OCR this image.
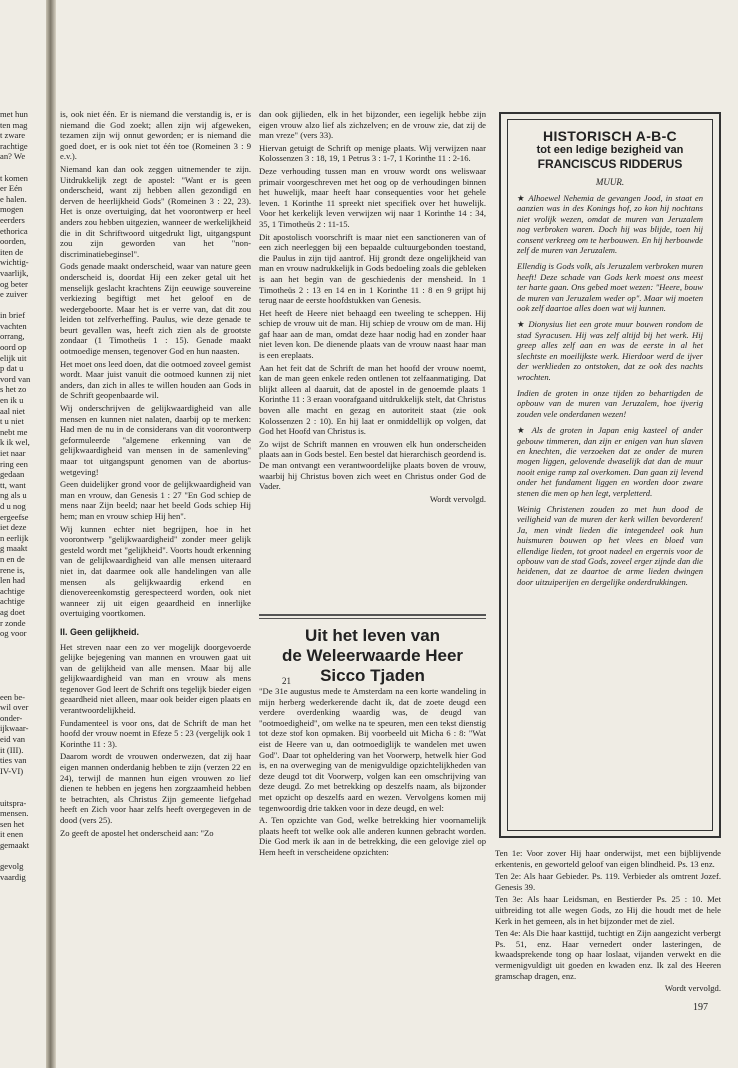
met hun
ten mag
t zware
rachtige
an? We
t komen
er Eén
e halen.
mogen
eerders
ethorica
oorden,
iten de
wichtig-
vaarlijk,
og beter
e zuiver
in brief
vachten
orrang,
oord op
elijk uit
p dat u
vord van
s het zo
en ik u
aal niet
t u niet
nebt me
k ik wel,
iet naar
ring een
gedaan
tt, want
ng als u
d u nog
ergeefse
iet deze
n eerlijk
g maakt
n en de
rene is,
len had
achtige
achtige
ag doet
r zonde
og voor
een be-
wil over
onder-
ijkwaar-
eid van
it (III).
ties van
IV-VI)
uitspra-
mensen.
sen het
it enen
gemaakt
gevolg
vaardig

is, ook niet één. Er is niemand die verstandig is, er is niemand die God zoekt; allen zijn wij afgeweken, tezamen zijn wij onnut geworden; er is niemand die goed doet, er is ook niet tot één toe (Romeinen 3 : 9 e.v.).

Niemand kan dan ook zeggen uitnemender te zijn. Uitdrukkelijk zegt de apostel: "Want er is geen onderscheid, want zij hebben allen gezondigd en derven de heerlijkheid Gods" (Romeinen 3 : 22, 23). Het is onze overtuiging, dat het voorontwerp er heel anders zou hebben uitgezien, wanneer de werkelijkheid die in dit Schriftwoord uitgedrukt ligt, uitgangspunt zou zijn geworden van het "non-discriminatiebeginsel".

Gods genade maakt onderscheid, waar van nature geen onderscheid is, doordat Hij een zeker getal uit het menselijk geslacht krachtens Zijn eeuwige souvereine verkiezing begiftigt met het geloof en de wedergeboorte. Maar het is er verre van, dat dit zou leiden tot zelfverheffing. Paulus, wie deze genade te beurt gevallen was, heeft zich zien als de grootste zondaar (1 Timotheüs 1 : 15). Genade maakt ootmoedige mensen, tegenover God en hun naasten.

Het moet ons leed doen, dat die ootmoed zoveel gemist wordt. Maar juist vanuit die ootmoed kunnen zij niet anders, dan zich in alles te willen houden aan Gods in de Schrift geopenbaarde wil.

Wij onderschrijven de gelijkwaardigheid van alle mensen en kunnen niet nalaten, daarbij op te merken: Had men de nu in de considerans van dit voorontwerp geformuleerde "algemene erkenning van de gelijkwaardigheid van mensen in de samenleving" maar tot uitgangspunt genomen van de abortus-wetgeving!

Geen duidelijker grond voor de gelijkwaardigheid van man en vrouw, dan Genesis 1 : 27 "En God schiep de mens naar Zijn beeld; naar het beeld Gods schiep Hij hem; man en vrouw schiep Hij hen".

Wij kunnen echter niet begrijpen, hoe in het voorontwerp "gelijkwaardigheid" zonder meer gelijk gesteld wordt met "gelijkheid". Voorts houdt erkenning van de gelijkwaardigheid van alle mensen uiteraard niet in, dat daarmee ook alle handelingen van alle mensen als gelijkwaardig erkend en dienovereenkomstig gerespecteerd worden, ook niet wanneer zij uit eigen geaardheid en innerlijke overtuiging voortkomen.

II. Geen gelijkheid.

Het streven naar een zo ver mogelijk doorgevoerde gelijke bejegening van mannen en vrouwen gaat uit van de gelijkheid van alle mensen. Maar bij alle gelijkwaardigheid van man en vrouw als mens tegenover God leert de Schrift ons tegelijk bieder eigen geaardheid niet alleen, maar ook beider eigen plaats en verantwoordelijkheid.

Fundamenteel is voor ons, dat de Schrift de man het hoofd der vrouw noemt in Efeze 5 : 23 (vergelijk ook 1 Korinthe 11 : 3).

Daarom wordt de vrouwen onderwezen, dat zij haar eigen mannen onderdanig hebben te zijn (verzen 22 en 24), terwijl de mannen hun eigen vrouwen zo lief dienen te hebben en jegens hen zorgzaamheid hebben te betrachten, als Christus Zijn gemeente liefgehad heeft en Zich voor haar zelfs heeft overgegeven in de dood (vers 25).

Zo geeft de apostel het onderscheid aan: "Zo

dan ook gijlieden, elk in het bijzonder, een iegelijk hebbe zijn eigen vrouw alzo lief als zichzelven; en de vrouw zie, dat zij de man vreze" (vers 33).

Hiervan getuigt de Schrift op menige plaats. Wij verwijzen naar Kolossenzen 3 : 18, 19, 1 Petrus 3 : 1-7, 1 Korinthe 11 : 2-16.

Deze verhouding tussen man en vrouw wordt ons weliswaar primair voorgeschreven met het oog op de verhoudingen binnen het huwelijk, maar heeft haar consequenties voor het gehele leven. 1 Korinthe 11 spreekt niet specifiek over het huwelijk. Voor het kerkelijk leven verwijzen wij naar 1 Korinthe 14 : 34, 35, 1 Timotheüs 2 : 11-15.

Dit apostolisch voorschrift is maar niet een sanctioneren van of een zich neerleggen bij een bepaalde cultuurgebonden toestand, die Paulus in zijn tijd aantrof. Hij grondt deze ongelijkheid van man en vrouw nadrukkelijk in Gods bedoeling zoals die gebleken is aan het begin van de geschiedenis der mensheid. In 1 Timotheüs 2 : 13 en 14 en in 1 Korinthe 11 : 8 en 9 grijpt hij terug naar de eerste hoofdstukken van Genesis.

Het heeft de Heere niet behaagd een tweeling te scheppen. Hij schiep de vrouw uit de man. Hij schiep de vrouw om de man. Hij gaf haar aan de man, omdat deze haar nodig had en zonder haar niet leven kon. De dienende plaats van de vrouw naast haar man is een ereplaats.

Aan het feit dat de Schrift de man het hoofd der vrouw noemt, kan de man geen enkele reden ontlenen tot zelfaanmatiging. Dat blijkt alleen al daaruit, dat de apostel in de genoemde plaats 1 Korinthe 11 : 3 eraan voorafgaand uitdrukkelijk stelt, dat Christus boven alle macht en gezag en autoriteit staat (zie ook Kolossenzen 2 : 10). En hij laat er onmiddellijk op volgen, dat God het Hoofd van Christus is.

Zo wijst de Schrift mannen en vrouwen elk hun onderscheiden plaats aan in Gods bestel. Een bestel dat hierarchisch geordend is. De man ontvangt een verantwoordelijke plaats boven de vrouw, waarbij hij Christus boven zich weet en Christus onder God de Vader.

Wordt vervolgd.
Uit het leven van
de Weleerwaarde Heer
Sicco Tjaden
21

"De 31e augustus mede te Amsterdam na een korte wandeling in mijn herberg wederkerende dacht ik, dat de zoete deugd een verdere overdenking waardig was, de deugd van "ootmoedigheid", om welke na te speuren, men een tekst dienstig tot deze stof kon opmaken. Bij voorbeeld uit Micha 6 : 8: "Wat eist de Heere van u, dan ootmoediglijk te wandelen met uwen God". Daar tot opheldering van het Voorwerp, hetwelk hier God is, en na overweging van de menigvuldige opzichtelijkheden van deze deugd tot dit Voorwerp, volgen kan een omschrijving van deze deugd. Zo met betrekking op deszelfs naam, als bijzonder met opzicht op deszelfs aard en wezen. Vervolgens komen mij tegenwoordig drie takken voor in deze deugd, en wel:

A. Ten opzichte van God, welke betrekking hier voornamelijk plaats heeft tot welke ook alle anderen kunnen gebracht worden. Die God merk ik aan in de betrekking, die een gelovige ziel op Hem heeft in verscheidene opzichten:

HISTORISCH A-B-C
tot een ledige bezigheid van
FRANCISCUS RIDDERUS
MUUR.

★ Alhoewel Nehemia de gevangen Jood, in staat en aanzien was in des Konings hof, zo kon hij nochtans niet vrolijk wezen, omdat de muren van Jeruzalem nog verbroken waren. Doch hij was blijde, toen hij consent verkreeg om te herbouwen. En hij herbouwde zelf de muren van Jeruzalem.

Ellendig is Gods volk, als Jeruzalem verbroken muren heeft! Deze schade van Gods kerk moest ons meest ter harte gaan. Ons gebed moet wezen: "Heere, bouw de muren van Jeruzalem weder op". Maar wij moeten ook zelf daartoe alles doen wat wij kunnen.

★ Dionysius liet een grote muur bouwen rondom de stad Syracusen. Hij was zelf altijd bij het werk. Hij greep alles zelf aan en was de eerste in al het slechtste en moeilijkste werk. Hierdoor werd de ijver der werklieden zo ontstoken, dat ze ook des nachts wrochten.

Indien de groten in onze tijden zo behartigden de opbouw van de muren van Jeruzalem, hoe ijverig zouden vele onderdanen wezen!

★ Als de groten in Japan enig kasteel of ander gebouw timmeren, dan zijn er enigen van hun slaven en knechten, die verzoeken dat ze onder de muren mogen liggen, gelovende dwaselijk dat dan de muur nooit enige ramp zal overkomen. Dan gaan zij levend onder het fundament liggen en worden door zware stenen die men op hen legt, verpletterd.

Weinig Christenen zouden zo met hun dood de veiligheid van de muren der kerk willen bevorderen! Ja, men vindt lieden die integendeel ook hun huismuren bouwen op het vlees en bloed van ellendige lieden, tot groot nadeel en ergernis voor de opbouw van de stad Gods, zoveel erger zijnde dan die heidenen, dat ze daartoe de arme lieden dwingen door uitzuiperijen en dergelijke onderdrukkingen.

Ten 1e: Voor zover Hij haar onderwijst, met een bijblijvende erkentenis, en geworteld geloof van eigen blindheid. Ps. 13 enz.

Ten 2e: Als haar Gebieder. Ps. 119. Verbieder als omtrent Jozef. Genesis 39.

Ten 3e: Als haar Leidsman, en Bestierder Ps. 25 : 10. Met uitbreiding tot alle wegen Gods, zo Hij die houdt met de hele Kerk in het gemeen, als in het bijzonder met de ziel.

Ten 4e: Als Die haar kasttijd, tuchtigt en Zijn aangezicht verbergt Ps. 51, enz. Haar vernedert onder lasteringen, de kwaadsprekende tong op haar loslaat, vijanden verwekt en die vermenigvuldigt uit goeden en kwaden enz. Ik zal des Heeren gramschap dragen, enz.

Wordt vervolgd.
197
